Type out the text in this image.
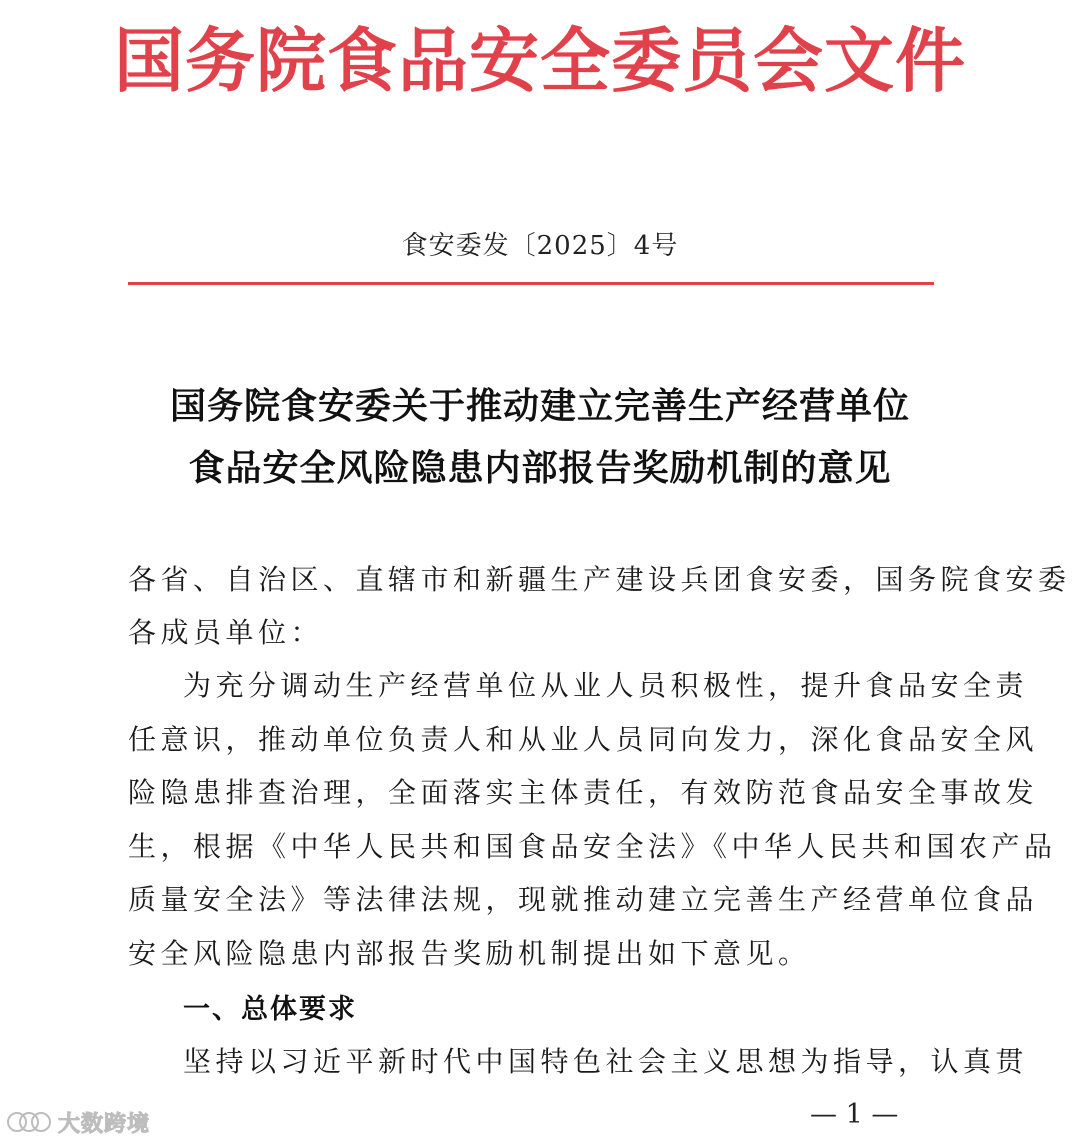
国务院食品安全委员会文件
食安委发〔2025〕4号
国务院食安委关于推动建立完善生产经营单位
食品安全风险隐患内部报告奖励机制的意见
各省、自治区、直辖市和新疆生产建设兵团食安委，国务院食安委
各成员单位：
为充分调动生产经营单位从业人员积极性，提升食品安全责
任意识，推动单位负责人和从业人员同向发力，深化食品安全风
险隐患排查治理，全面落实主体责任，有效防范食品安全事故发
生，根据《中华人民共和国食品安全法》《中华人民共和国农产品
质量安全法》等法律法规，现就推动建立完善生产经营单位食品
安全风险隐患内部报告奖励机制提出如下意见。
一、总体要求
坚持以习近平新时代中国特色社会主义思想为指导，认真贯
— 1 —
大数跨境
